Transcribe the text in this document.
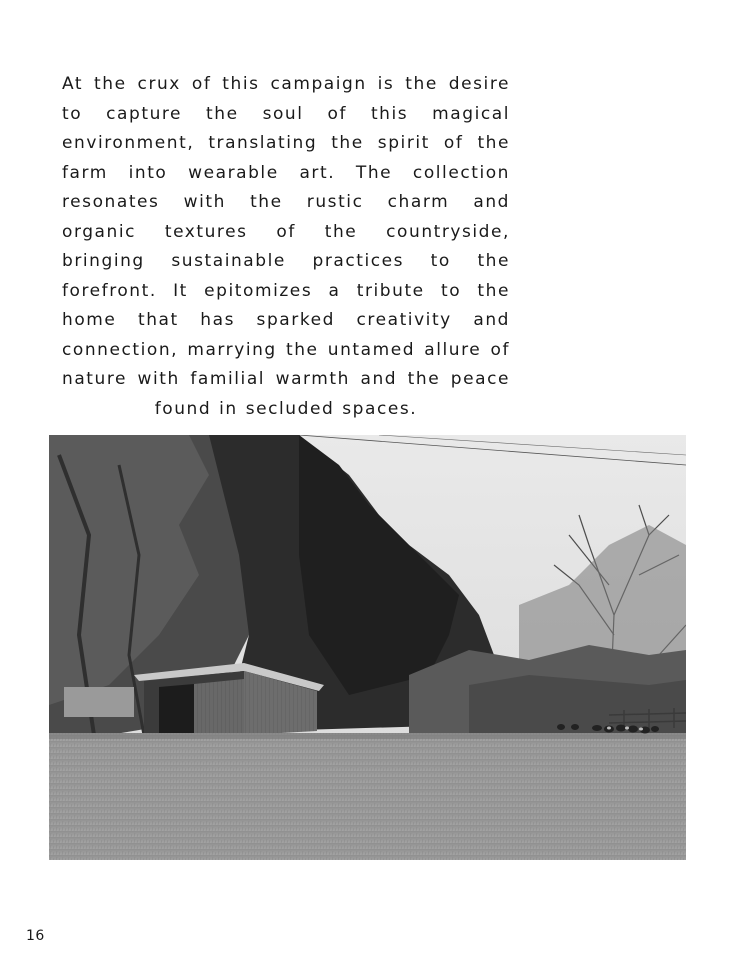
At the crux of this campaign is the desire to capture the soul of this magical environment, translating the spirit of the farm into wearable art. The collection resonates with the rustic charm and organic textures of the countryside, bringing sustainable practices to the forefront. It epitomizes a tribute to the home that has sparked creativity and connection, marrying the untamed allure of nature with familial warmth and the peace found in secluded spaces.

16
